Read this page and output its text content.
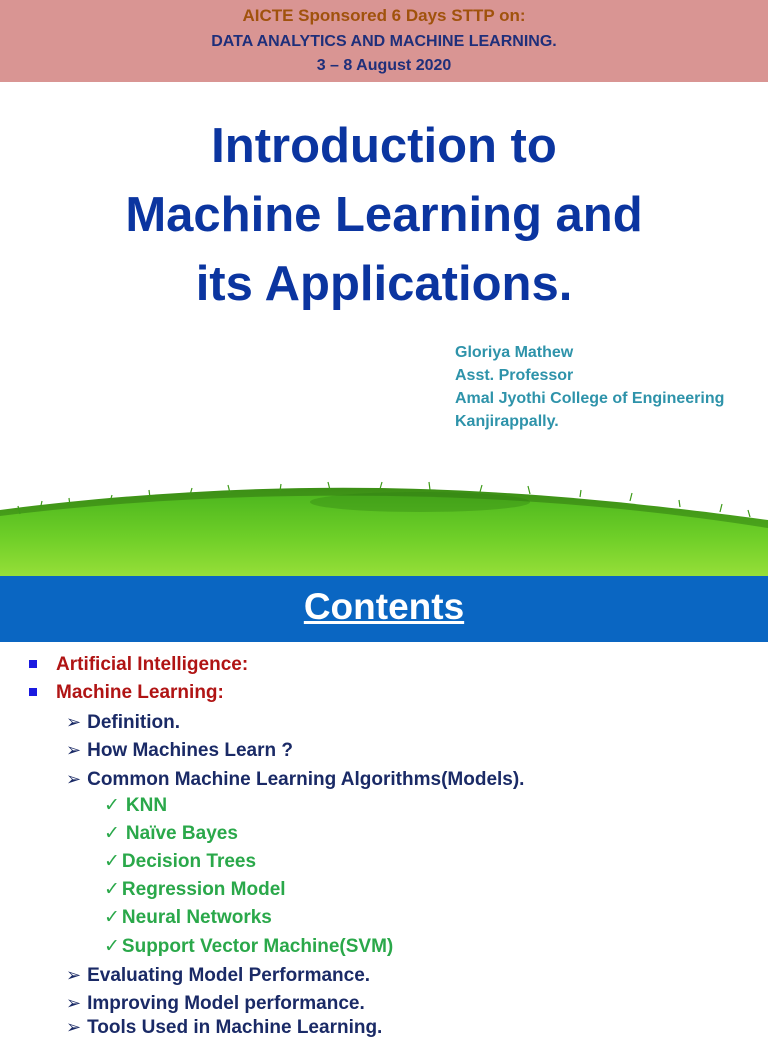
AICTE Sponsored 6 Days STTP on:
DATA ANALYTICS AND MACHINE LEARNING.
3 – 8 August 2020
Introduction to
Machine Learning and
its Applications.
Gloriya Mathew
Asst. Professor
Amal Jyothi College of Engineering
Kanjirappally.
Contents
Artificial Intelligence:
Machine Learning:
➢ Definition.
➢ How Machines Learn ?
➢ Common Machine Learning Algorithms(Models).
✓ KNN
✓ Naïve Bayes
✓ Decision Trees
✓ Regression Model
✓ Neural Networks
✓ Support Vector Machine(SVM)
➢ Evaluating Model Performance.
➢ Improving Model performance.
➢ Tools Used in Machine Learning.
